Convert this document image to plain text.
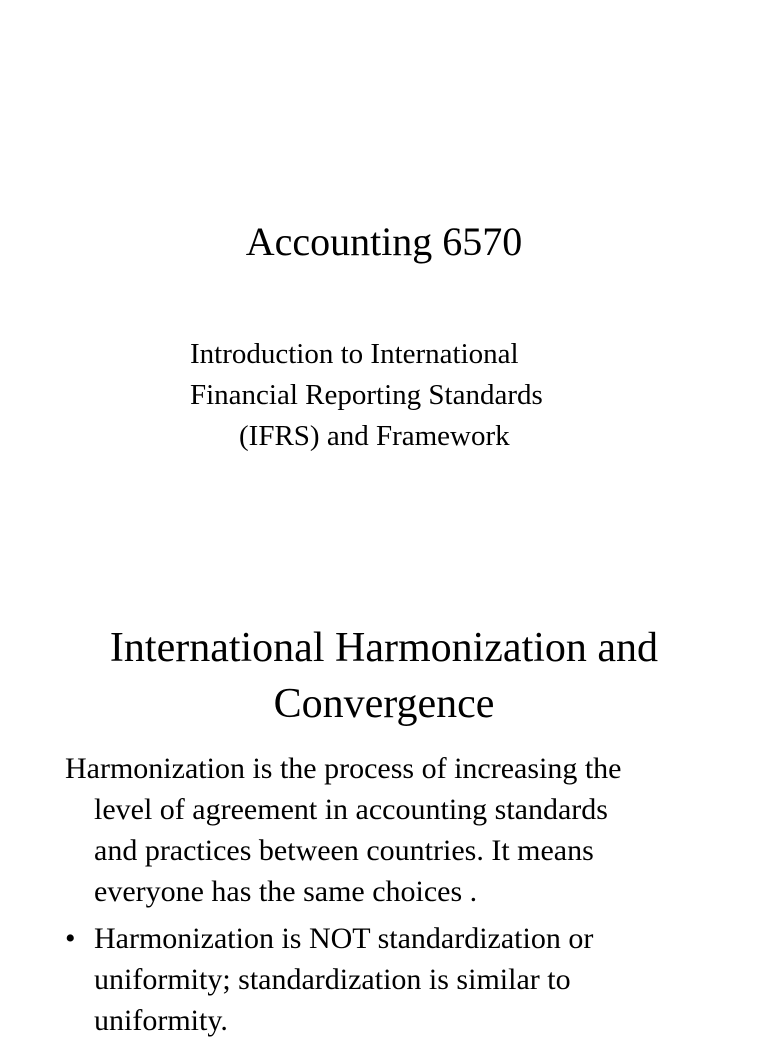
Accounting 6570
Introduction to International
Financial Reporting Standards
(IFRS) and Framework
International Harmonization and
Convergence
Harmonization is the process of increasing the
level of agreement in accounting standards
and practices between countries. It means
everyone has the same choices .
• Harmonization is NOT standardization or
uniformity; standardization is similar to
uniformity.
